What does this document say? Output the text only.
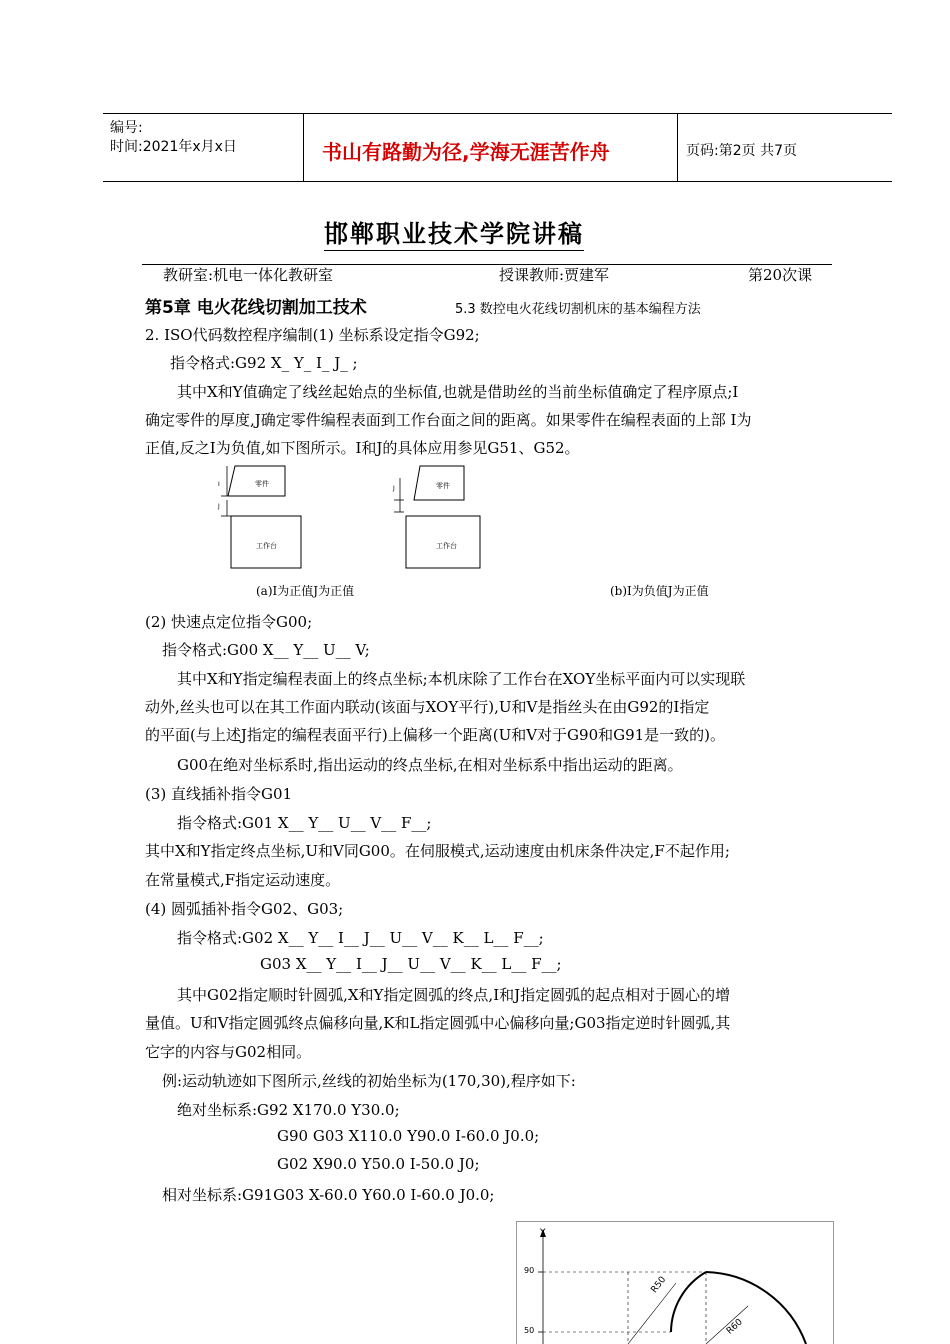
编号:
时间:2021年x月x日	书山有路勤为径,学海无涯苦作舟	页码:第2页 共7页
邯郸职业技术学院讲稿
教研室:机电一体化教研室	授课教师:贾建军	第20次课
第5章 电火花线切割加工技术	5.3 数控电火花线切割机床的基本编程方法
2. ISO代码数控程序编制(1) 坐标系设定指令G92;
指令格式:G92 X_ Y_ I_ J_ ;
其中X和Y值确定了线丝起始点的坐标值,也就是借助丝的当前坐标值确定了程序原点;I
确定零件的厚度,J确定零件编程表面到工作台面之间的距离。如果零件在编程表面的上部 I为
正值,反之I为负值,如下图所示。I和J的具体应用参见G51、G52。
零件
工作台
I
J
零件
工作台
J
(a)I为正值J为正值	(b)I为负值J为正值
(2) 快速点定位指令G00;
指令格式:G00 X__ Y__ U__ V;
其中X和Y指定编程表面上的终点坐标;本机床除了工作台在XOY坐标平面内可以实现联
动外,丝头也可以在其工作面内联动(该面与XOY平行),U和V是指丝头在由G92的I指定
的平面(与上述J指定的编程表面平行)上偏移一个距离(U和V对于G90和G91是一致的)。
G00在绝对坐标系时,指出运动的终点坐标,在相对坐标系中指出运动的距离。
(3) 直线插补指令G01
指令格式:G01 X__ Y__ U__ V__ F__;
其中X和Y指定终点坐标,U和V同G00。在伺服模式,运动速度由机床条件决定,F不起作用;
在常量模式,F指定运动速度。
(4) 圆弧插补指令G02、G03;
指令格式:G02 X__ Y__ I__ J__ U__ V__ K__ L__ F__;
G03 X__ Y__ I__ J__ U__ V__ K__ L__ F__;
其中G02指定顺时针圆弧,X和Y指定圆弧的终点,I和J指定圆弧的起点相对于圆心的增
量值。U和V指定圆弧终点偏移向量,K和L指定圆弧中心偏移向量;G03指定逆时针圆弧,其
它字的内容与G02相同。
例:运动轨迹如下图所示,丝线的初始坐标为(170,30),程序如下:
绝对坐标系:G92 X170.0 Y30.0;
G90 G03 X110.0 Y90.0 I-60.0 J0.0;
G02 X90.0 Y50.0 I-50.0 J0;
相对坐标系:G91G03 X-60.0 Y60.0 I-60.0 J0.0;
Y
90
50
R50
R60
